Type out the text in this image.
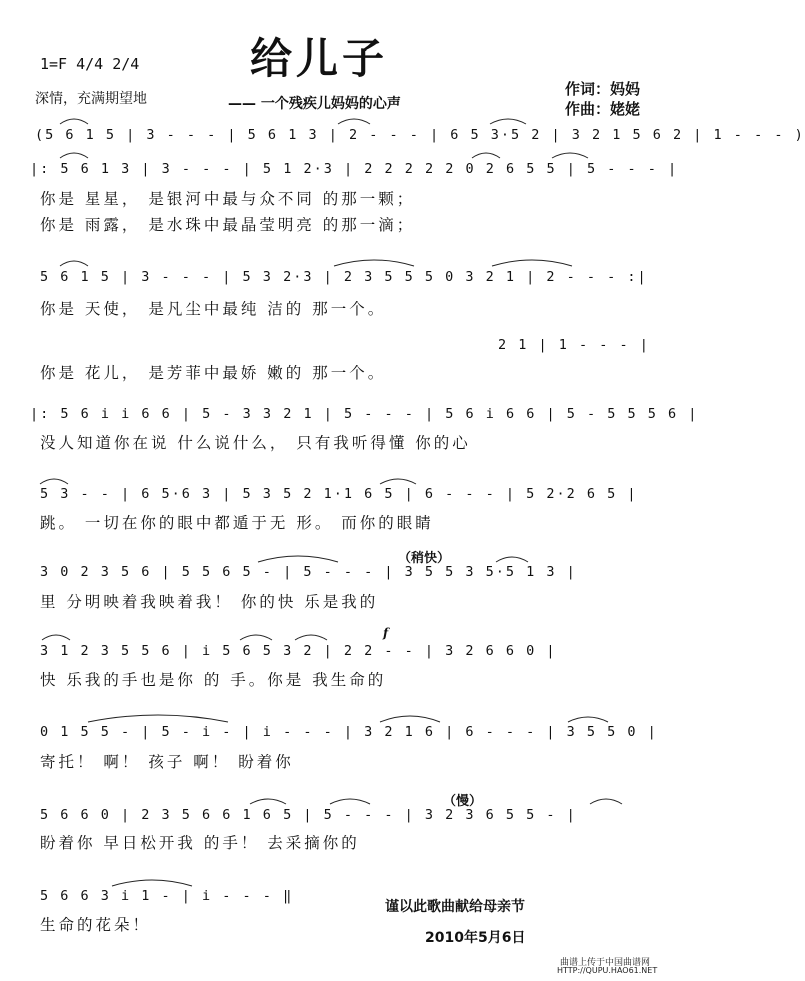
给儿子
1=F 4/4 2/4
深情，充满期望地	—— 一个残疾儿妈妈的心声
作词：妈妈
作曲：姥姥
(5 6 1 5 | 3 - - - | 5 6 1 3 | 2 - - - | 6 5 3·5 2 | 3 2 1 5 6 2 | 1 - - - )
|: 5 6 1 3 | 3 - - - | 5 1 2·3 | 2 2 2 2 2 0 2 6 5 5 | 5 - - - |
你是 星星， 是银河中最与众不同 的那一颗；
你是 雨露， 是水珠中最晶莹明亮 的那一滴；
5 6 1 5 | 3 - - - | 5 3 2·3 | 2 3 5 5 5 0 3 2 1 | 2 - - - :|
你是 天使， 是凡尘中最纯 洁的 那一个。
2 1 | 1 - - - |
你是 花儿， 是芳菲中最娇 嫩的 那一个。
|: 5 6 i i 6 6 | 5 - 3 3 2 1 | 5 - - - | 5 6 i 6 6 | 5 - 5 5 5 6 |
没人知道你在说 什么说什么， 只有我听得懂 你的心
5 3 - - | 6 5·6 3 | 5 3 5 2 1·1 6 5 | 6 - - - | 5 2·2 6 5 |
跳。 一切在你的眼中都遁于无 形。 而你的眼睛
（稍快）
3 0 2 3 5 6 | 5 5 6 5 - | 5 - - - | 3 5 5 3 5·5 1 3 |
里 分明映着我映着我！ 你的快 乐是我的
f
3 1 2 3 5 5 6 | i 5 6 5 3 2 | 2 2 - - | 3 2 6 6 0 |
快 乐我的手也是你 的 手。你是 我生命的
0 1 5 5 - | 5 - i - | i - - - | 3 2 1 6 | 6 - - - | 3 5 5 0 |
寄托！ 啊！ 孩子 啊！ 盼着你
（慢）
5 6 6 0 | 2 3 5 6 6 1 6 5 | 5 - - - | 3 2 3 6 5 5 - |
盼着你 早日松开我 的手！ 去采摘你的
5 6 6 3 i 1 - | i - - - ‖
生命的花朵！
谨以此歌曲献给母亲节
2010年5月6日
曲谱上传于中国曲谱网
HTTP://QUPU.HAO61.NET
